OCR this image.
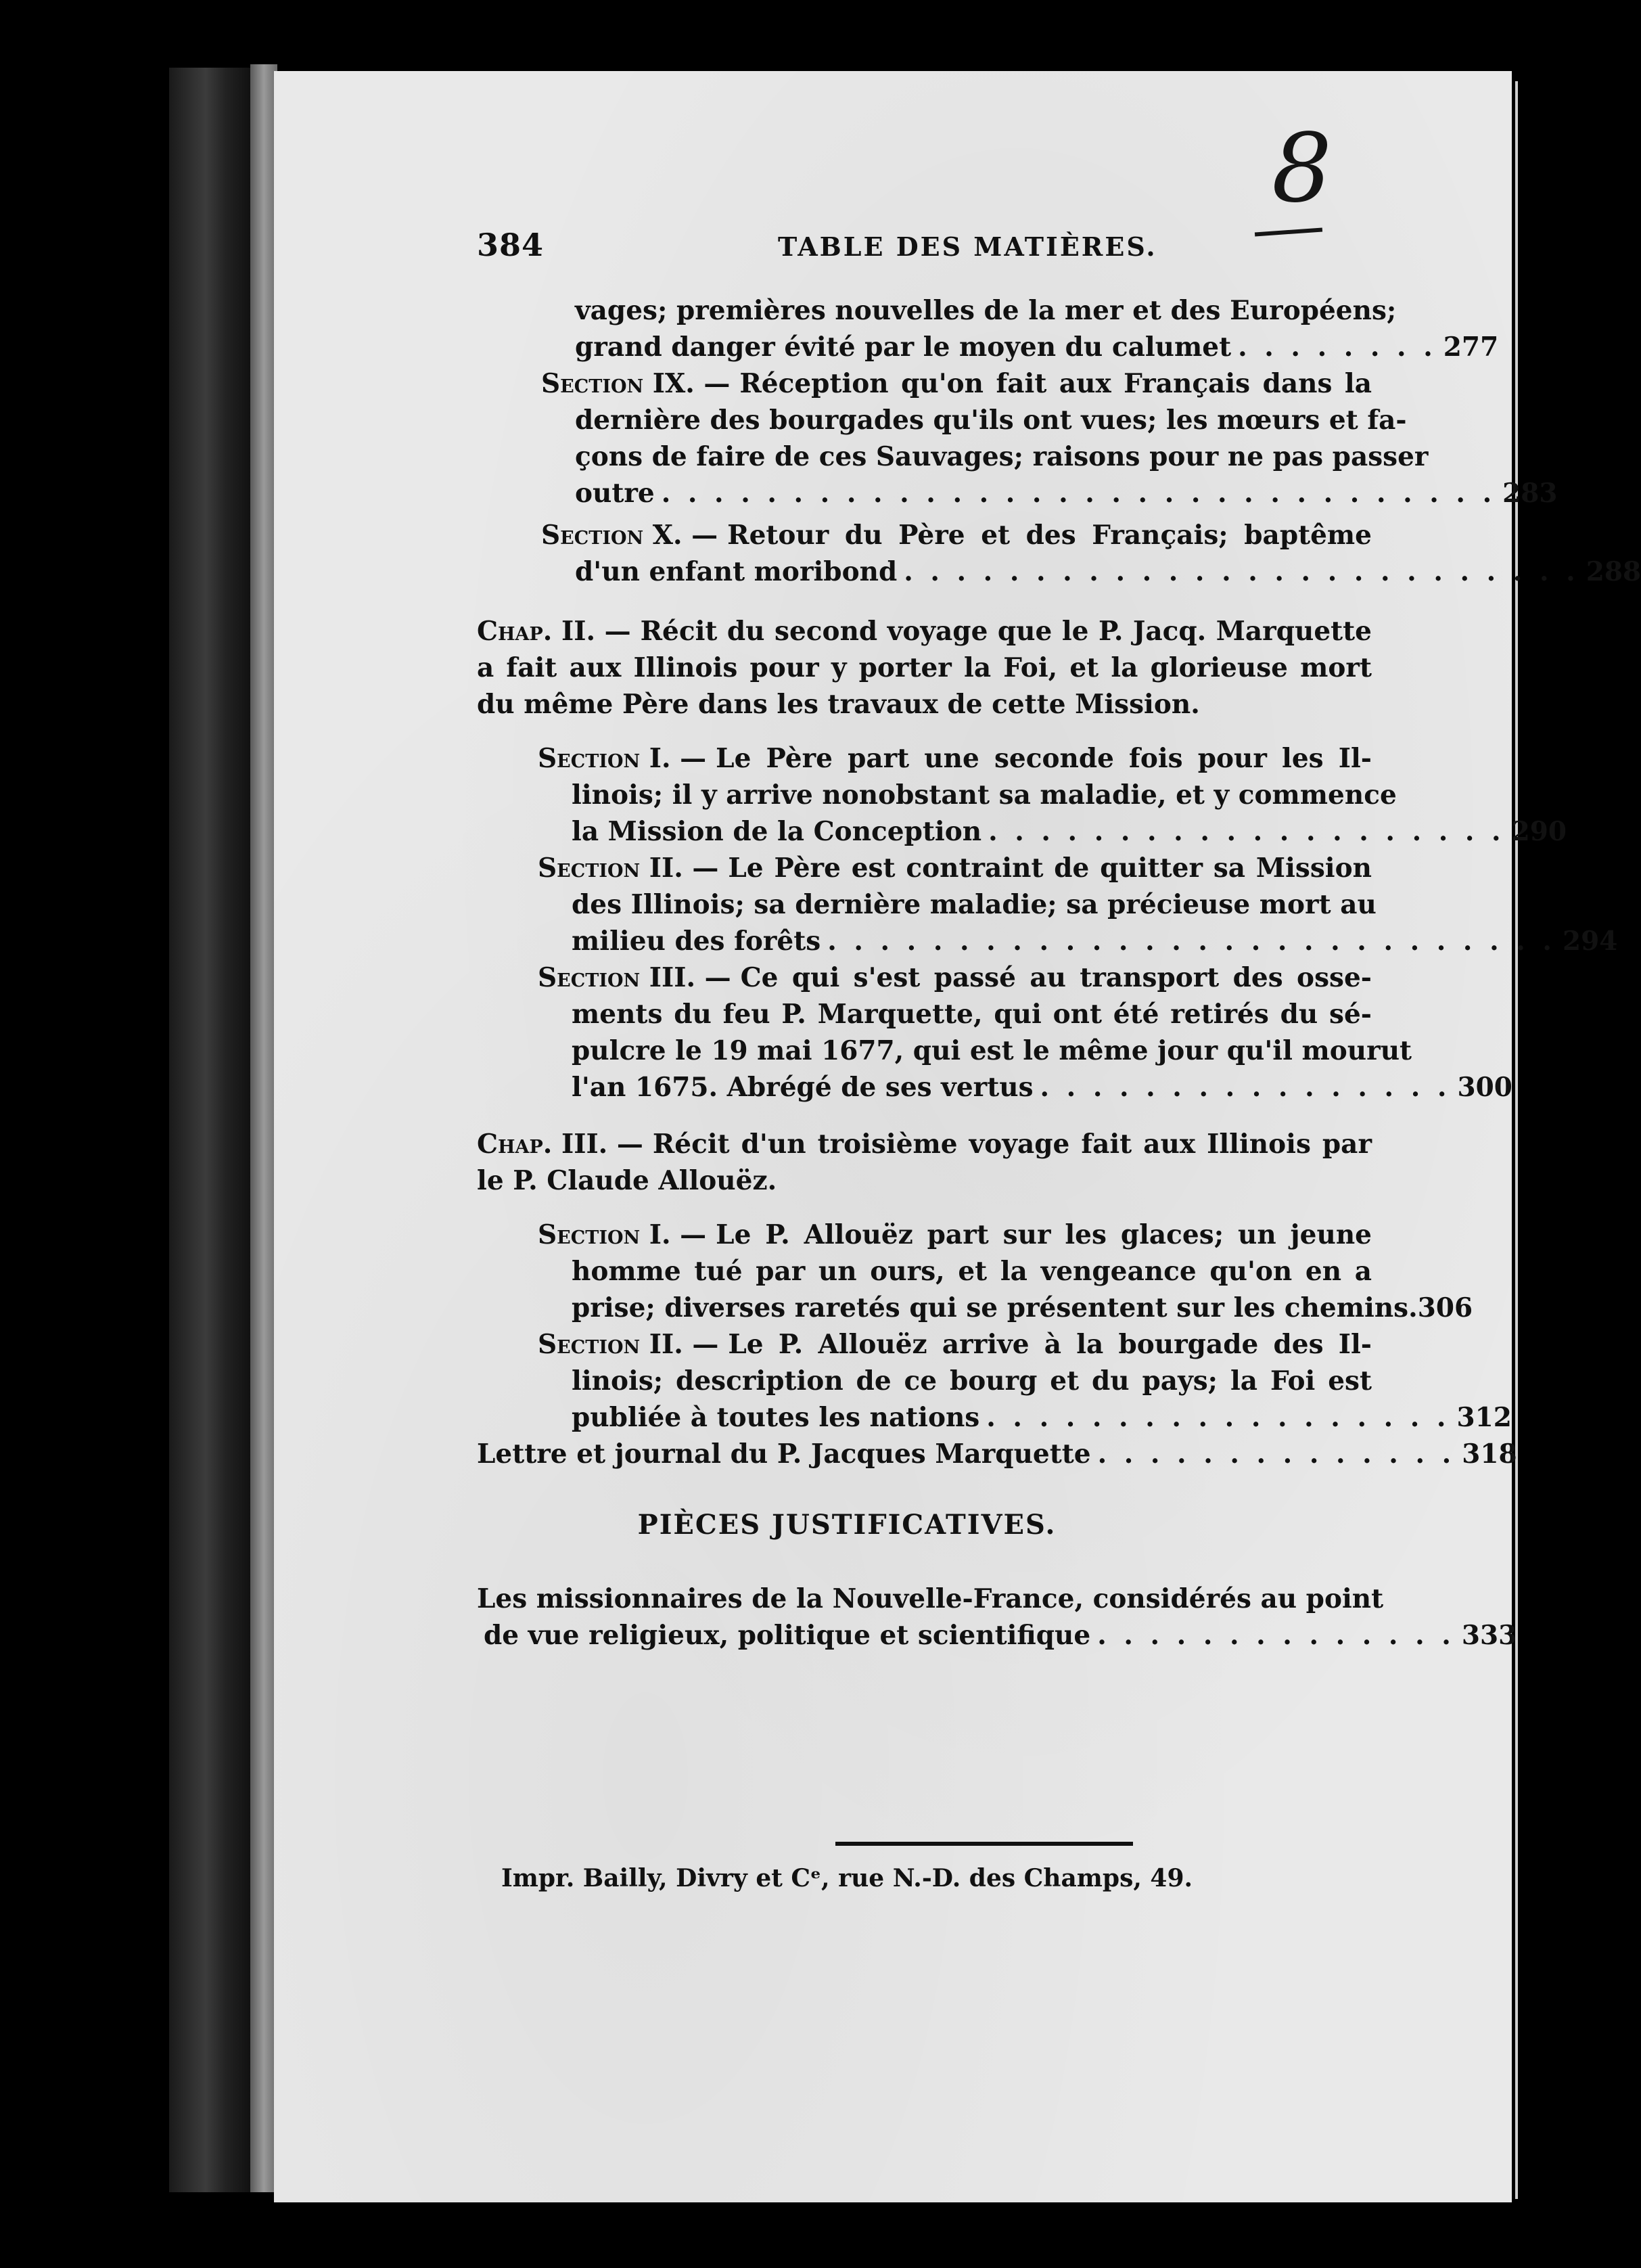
8
384	TABLE DES MATIÈRES.
vages; premières nouvelles de la mer et des Européens;
grand danger évité par le moyen du calumet . . . . . . . . 277
Section IX. — Réception qu'on fait aux Français dans la
dernière des bourgades qu'ils ont vues; les mœurs et fa-
çons de faire de ces Sauvages; raisons pour ne pas passer
outre . . . . . . . . . . . . . . . . . . . . . . . . . . . . . . . . 283
Section X. — Retour du Père et des Français; baptême
d'un enfant moribond . . . . . . . . . . . . . . . . . . . . . . . . . . 288
Chap. II. — Récit du second voyage que le P. Jacq. Marquette
a fait aux Illinois pour y porter la Foi, et la glorieuse mort
du même Père dans les travaux de cette Mission.
Section I. — Le Père part une seconde fois pour les Il-
linois; il y arrive nonobstant sa maladie, et y commence
la Mission de la Conception . . . . . . . . . . . . . . . . . . . . 290
Section II. — Le Père est contraint de quitter sa Mission
des Illinois; sa dernière maladie; sa précieuse mort au
milieu des forêts . . . . . . . . . . . . . . . . . . . . . . . . . . . . 294
Section III. — Ce qui s'est passé au transport des osse-
ments du feu P. Marquette, qui ont été retirés du sé-
pulcre le 19 mai 1677, qui est le même jour qu'il mourut
l'an 1675. Abrégé de ses vertus . . . . . . . . . . . . . . . . 300
Chap. III. — Récit d'un troisième voyage fait aux Illinois par
le P. Claude Allouëz.
Section I. — Le P. Allouëz part sur les glaces; un jeune
homme tué par un ours, et la vengeance qu'on en a
prise; diverses raretés qui se présentent sur les chemins. 306
Section II. — Le P. Allouëz arrive à la bourgade des Il-
linois; description de ce bourg et du pays; la Foi est
publiée à toutes les nations . . . . . . . . . . . . . . . . . . 312
Lettre et journal du P. Jacques Marquette . . . . . . . . . . . . . . 318
PIÈCES JUSTIFICATIVES.
Les missionnaires de la Nouvelle-France, considérés au point
de vue religieux, politique et scientifique . . . . . . . . . . . . . . 333
Impr. Bailly, Divry et Cᵉ, rue N.-D. des Champs, 49.
